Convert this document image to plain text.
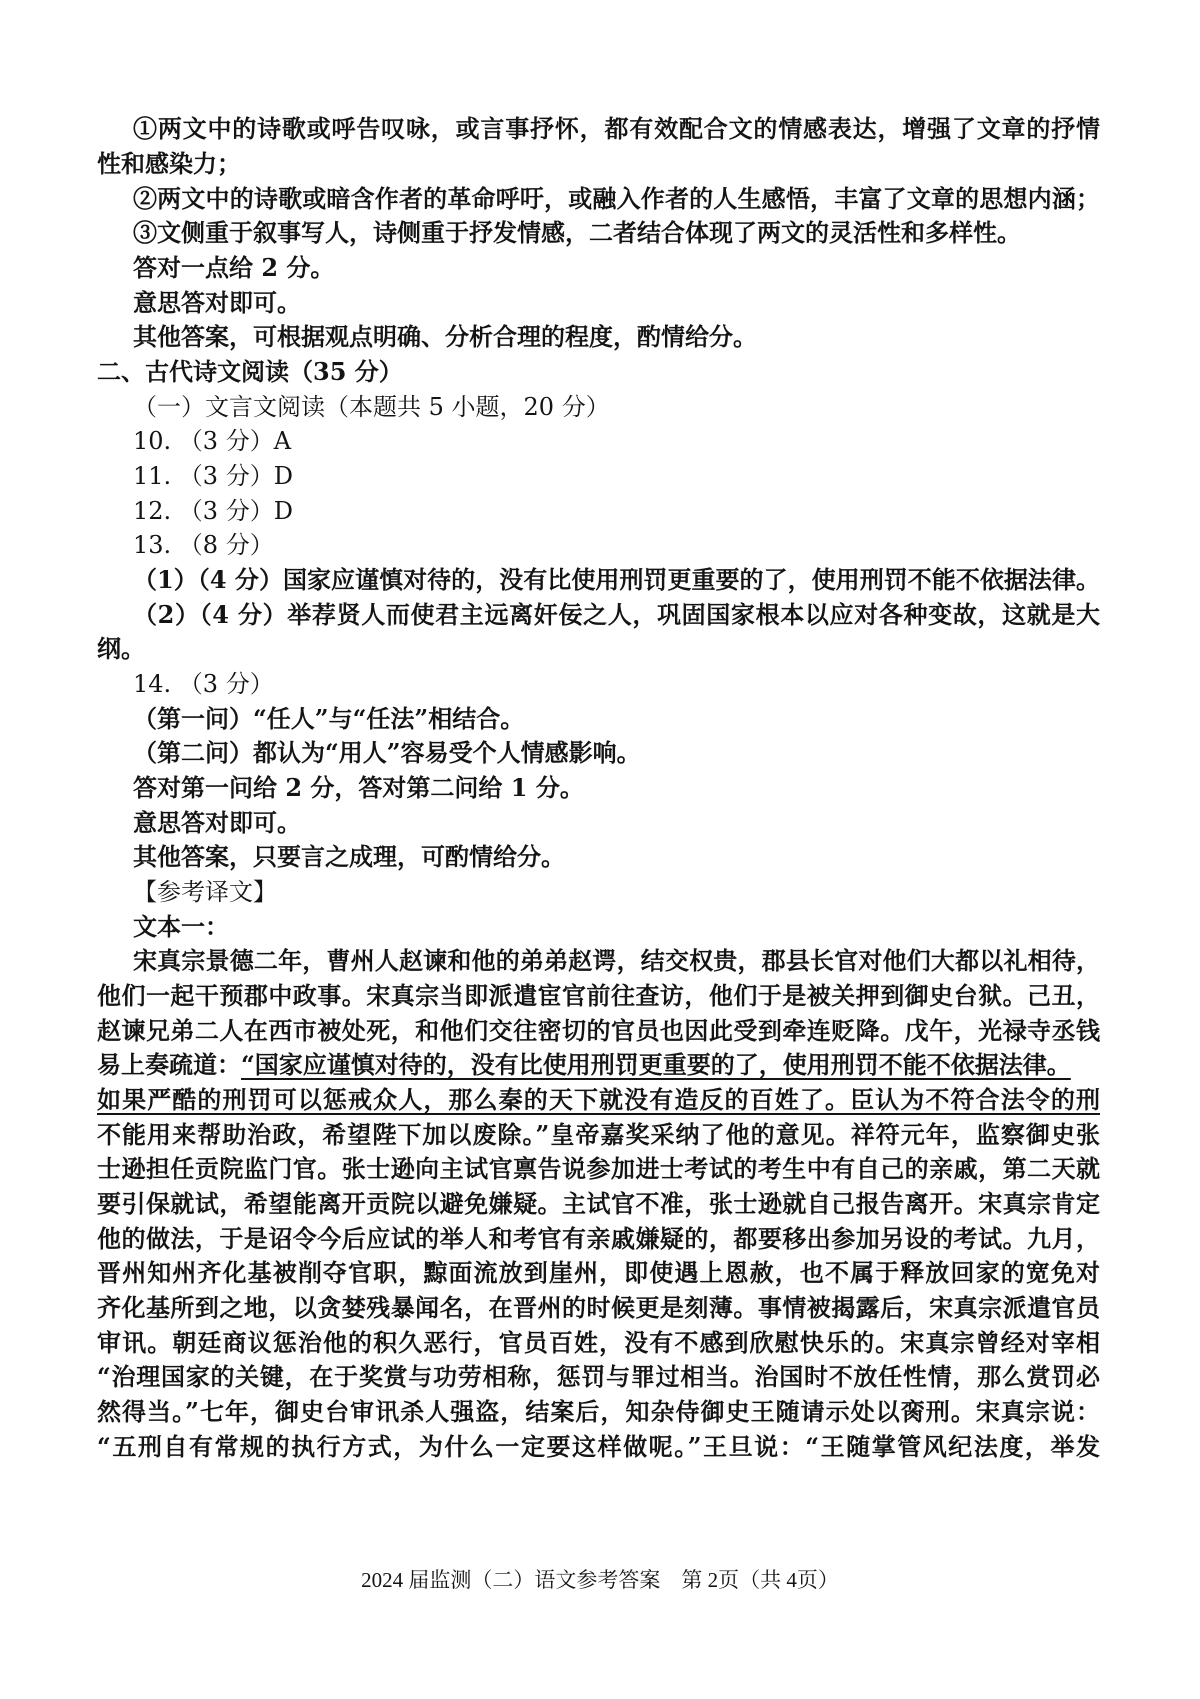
①两文中的诗歌或呼告叹咏，或言事抒怀，都有效配合文的情感表达，增强了文章的抒情
性和感染力；
②两文中的诗歌或暗含作者的革命呼吁，或融入作者的人生感悟，丰富了文章的思想内涵；
③文侧重于叙事写人，诗侧重于抒发情感，二者结合体现了两文的灵活性和多样性。
答对一点给 2 分。
意思答对即可。
其他答案，可根据观点明确、分析合理的程度，酌情给分。
二、古代诗文阅读（35 分）
（一）文言文阅读（本题共 5 小题，20 分）
10. （3 分）A
11. （3 分）D
12. （3 分）D
13. （8 分）
（1）（4 分）国家应谨慎对待的，没有比使用刑罚更重要的了，使用刑罚不能不依据法律。
（2）（4 分）举荐贤人而使君主远离奸佞之人，巩固国家根本以应对各种变故，这就是大
纲。
14. （3 分）
（第一问）“任人”与“任法”相结合。
（第二问）都认为“用人”容易受个人情感影响。
答对第一问给 2 分，答对第二问给 1 分。
意思答对即可。
其他答案，只要言之成理，可酌情给分。
【参考译文】
文本一：
宋真宗景德二年，曹州人赵谏和他的弟弟赵谔，结交权贵，郡县长官对他们大都以礼相待，
他们一起干预郡中政事。宋真宗当即派遣宦官前往查访，他们于是被关押到御史台狱。己丑，
赵谏兄弟二人在西市被处死，和他们交往密切的官员也因此受到牵连贬降。戊午，光禄寺丞钱
易上奏疏道：“国家应谨慎对待的，没有比使用刑罚更重要的了，使用刑罚不能不依据法律。
如果严酷的刑罚可以惩戒众人，那么秦的天下就没有造反的百姓了。臣认为不符合法令的刑
不能用来帮助治政，希望陛下加以废除。”皇帝嘉奖采纳了他的意见。祥符元年，监察御史张
士逊担任贡院监门官。张士逊向主试官禀告说参加进士考试的考生中有自己的亲戚，第二天就
要引保就试，希望能离开贡院以避免嫌疑。主试官不准，张士逊就自己报告离开。宋真宗肯定
他的做法，于是诏令今后应试的举人和考官有亲戚嫌疑的，都要移出参加另设的考试。九月，
晋州知州齐化基被削夺官职，黥面流放到崖州，即使遇上恩赦，也不属于释放回家的宽免对
齐化基所到之地，以贪婪残暴闻名，在晋州的时候更是刻薄。事情被揭露后，宋真宗派遣官员
审讯。朝廷商议惩治他的积久恶行，官员百姓，没有不感到欣慰快乐的。宋真宗曾经对宰相
“治理国家的关键，在于奖赏与功劳相称，惩罚与罪过相当。治国时不放任性情，那么赏罚必
然得当。”七年，御史台审讯杀人强盗，结案后，知杂侍御史王随请示处以脔刑。宋真宗说：
“五刑自有常规的执行方式，为什么一定要这样做呢。”王旦说：“王随掌管风纪法度，举发
2024 届监测（二）语文参考答案　第 2页（共 4页）
